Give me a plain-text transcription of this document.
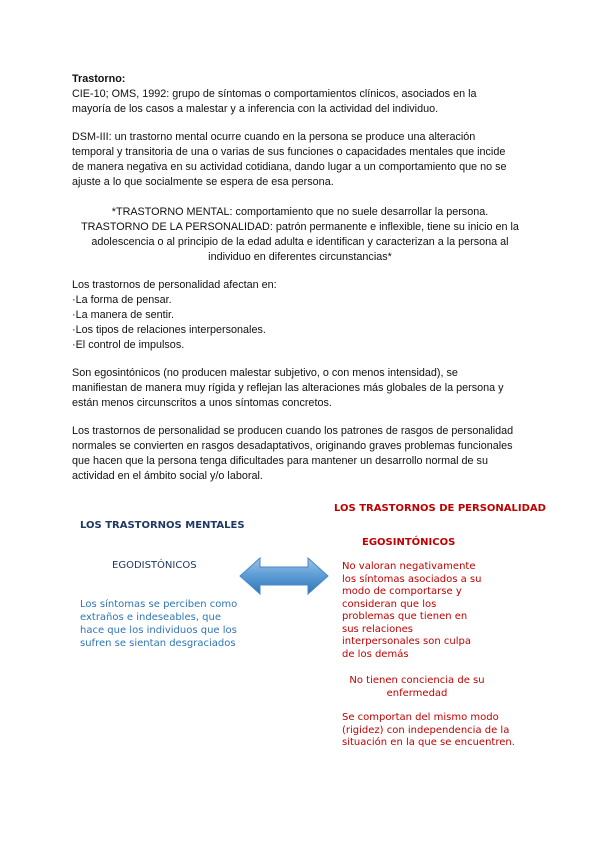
Trastorno:
CIE-10; OMS, 1992: grupo de síntomas o comportamientos clínicos, asociados en la
mayoría de los casos a malestar y a inferencia con la actividad del individuo.
DSM-III: un trastorno mental ocurre cuando en la persona se produce una alteración
temporal y transitoria de una o varias de sus funciones o capacidades mentales que incide
de manera negativa en su actividad cotidiana, dando lugar a un comportamiento que no se
ajuste a lo que socialmente se espera de esa persona.
*TRASTORNO MENTAL: comportamiento que no suele desarrollar la persona.
TRASTORNO DE LA PERSONALIDAD: patrón permanente e inflexible, tiene su inicio en la
adolescencia o al principio de la edad adulta e identifican y caracterizan a la persona al
individuo en diferentes circunstancias*
Los trastornos de personalidad afectan en:
·La forma de pensar.
·La manera de sentir.
·Los tipos de relaciones interpersonales.
·El control de impulsos.
Son egosintónicos (no producen malestar subjetivo, o con menos intensidad), se
manifiestan de manera muy rígida y reflejan las alteraciones más globales de la persona y
están menos circunscritos a unos síntomas concretos.
Los trastornos de personalidad se producen cuando los patrones de rasgos de personalidad
normales se convierten en rasgos desadaptativos, originando graves problemas funcionales
que hacen que la persona tenga dificultades para mantener un desarrollo normal de su
actividad en el ámbito social y/o laboral.
LOS TRASTORNOS MENTALES
EGODISTÓNICOS
Los síntomas se perciben como
extraños e indeseables, que
hace que los individuos que los
sufren se sientan desgraciados
LOS TRASTORNOS DE PERSONALIDAD
EGOSINTÓNICOS
No valoran negativamente
los síntomas asociados a su
modo de comportarse y
consideran que los
problemas que tienen en
sus relaciones
interpersonales son culpa
de los demás
No tienen conciencia de su
enfermedad
Se comportan del mismo modo
(rigidez) con independencia de la
situación en la que se encuentren.
